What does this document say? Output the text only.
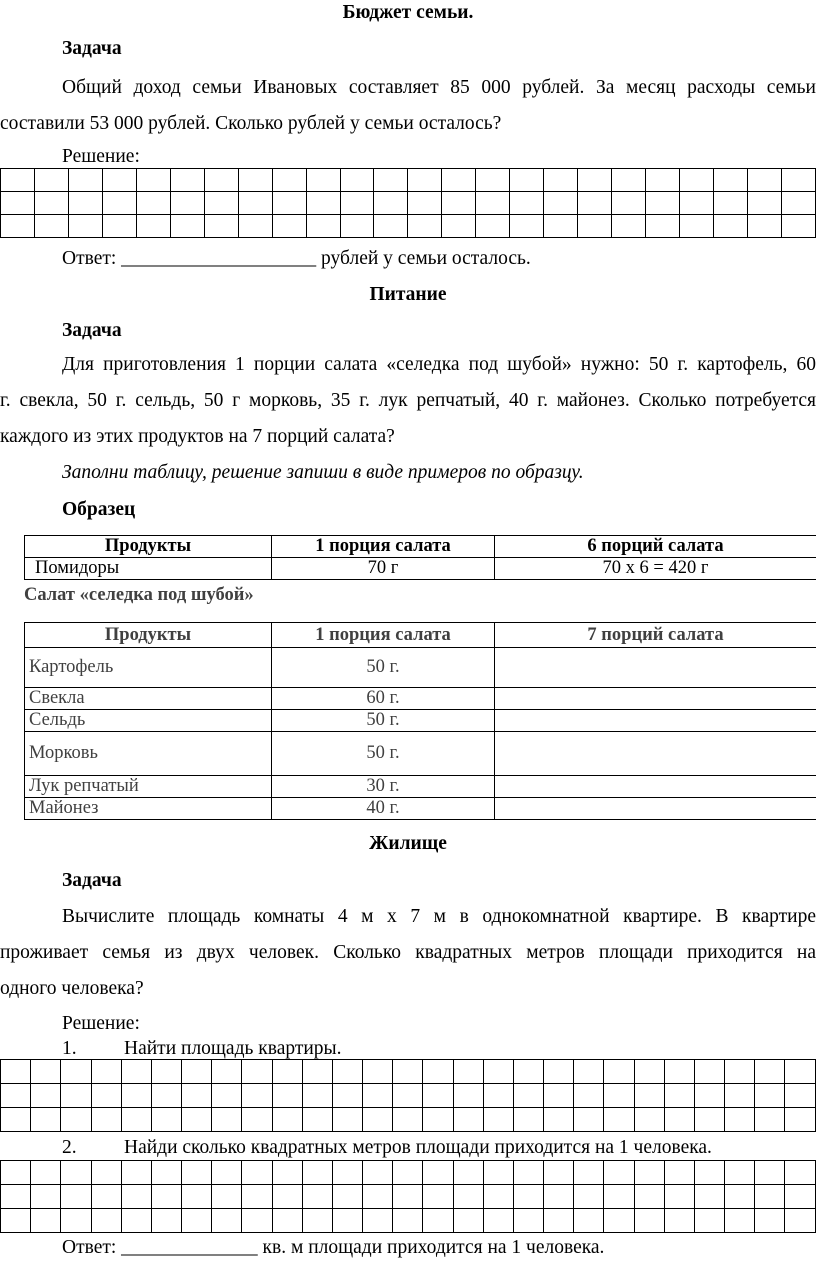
Бюджет семьи.
Задача
Общий доход семьи Ивановых составляет 85 000 рублей. За месяц расходы семьи
составили 53 000 рублей. Сколько рублей у семьи осталось?
Решение:

Ответ: ____________________ рублей у семьи осталось.
Питание
Задача
Для приготовления 1 порции салата «селедка под шубой» нужно: 50 г. картофель, 60
г. свекла, 50 г. сельдь, 50 г морковь, 35 г. лук репчатый, 40 г. майонез. Сколько потребуется
каждого из этих продуктов на 7 порций салата?
Заполни таблицу, решение запиши в виде примеров по образцу.
Образец
Продукты	1 порция салата	6 порций салата
Помидоры	70 г	70 х 6 = 420 г
Салат «селедка под шубой»
Продукты	1 порция салата	7 порций салата
Картофель	50 г.	
Свекла	60 г.	
Сельдь	50 г.	
Морковь	50 г.	
Лук репчатый	30 г.	
Майонез	40 г.	
Жилище
Задача
Вычислите площадь комнаты 4 м х 7 м в однокомнатной квартире. В квартире
проживает семья из двух человек. Сколько квадратных метров площади приходится на
одного человека?
Решение:
1. Найти площадь квартиры.

2. Найди сколько квадратных метров площади приходится на 1 человека.

Ответ: ______________ кв. м площади приходится на 1 человека.
